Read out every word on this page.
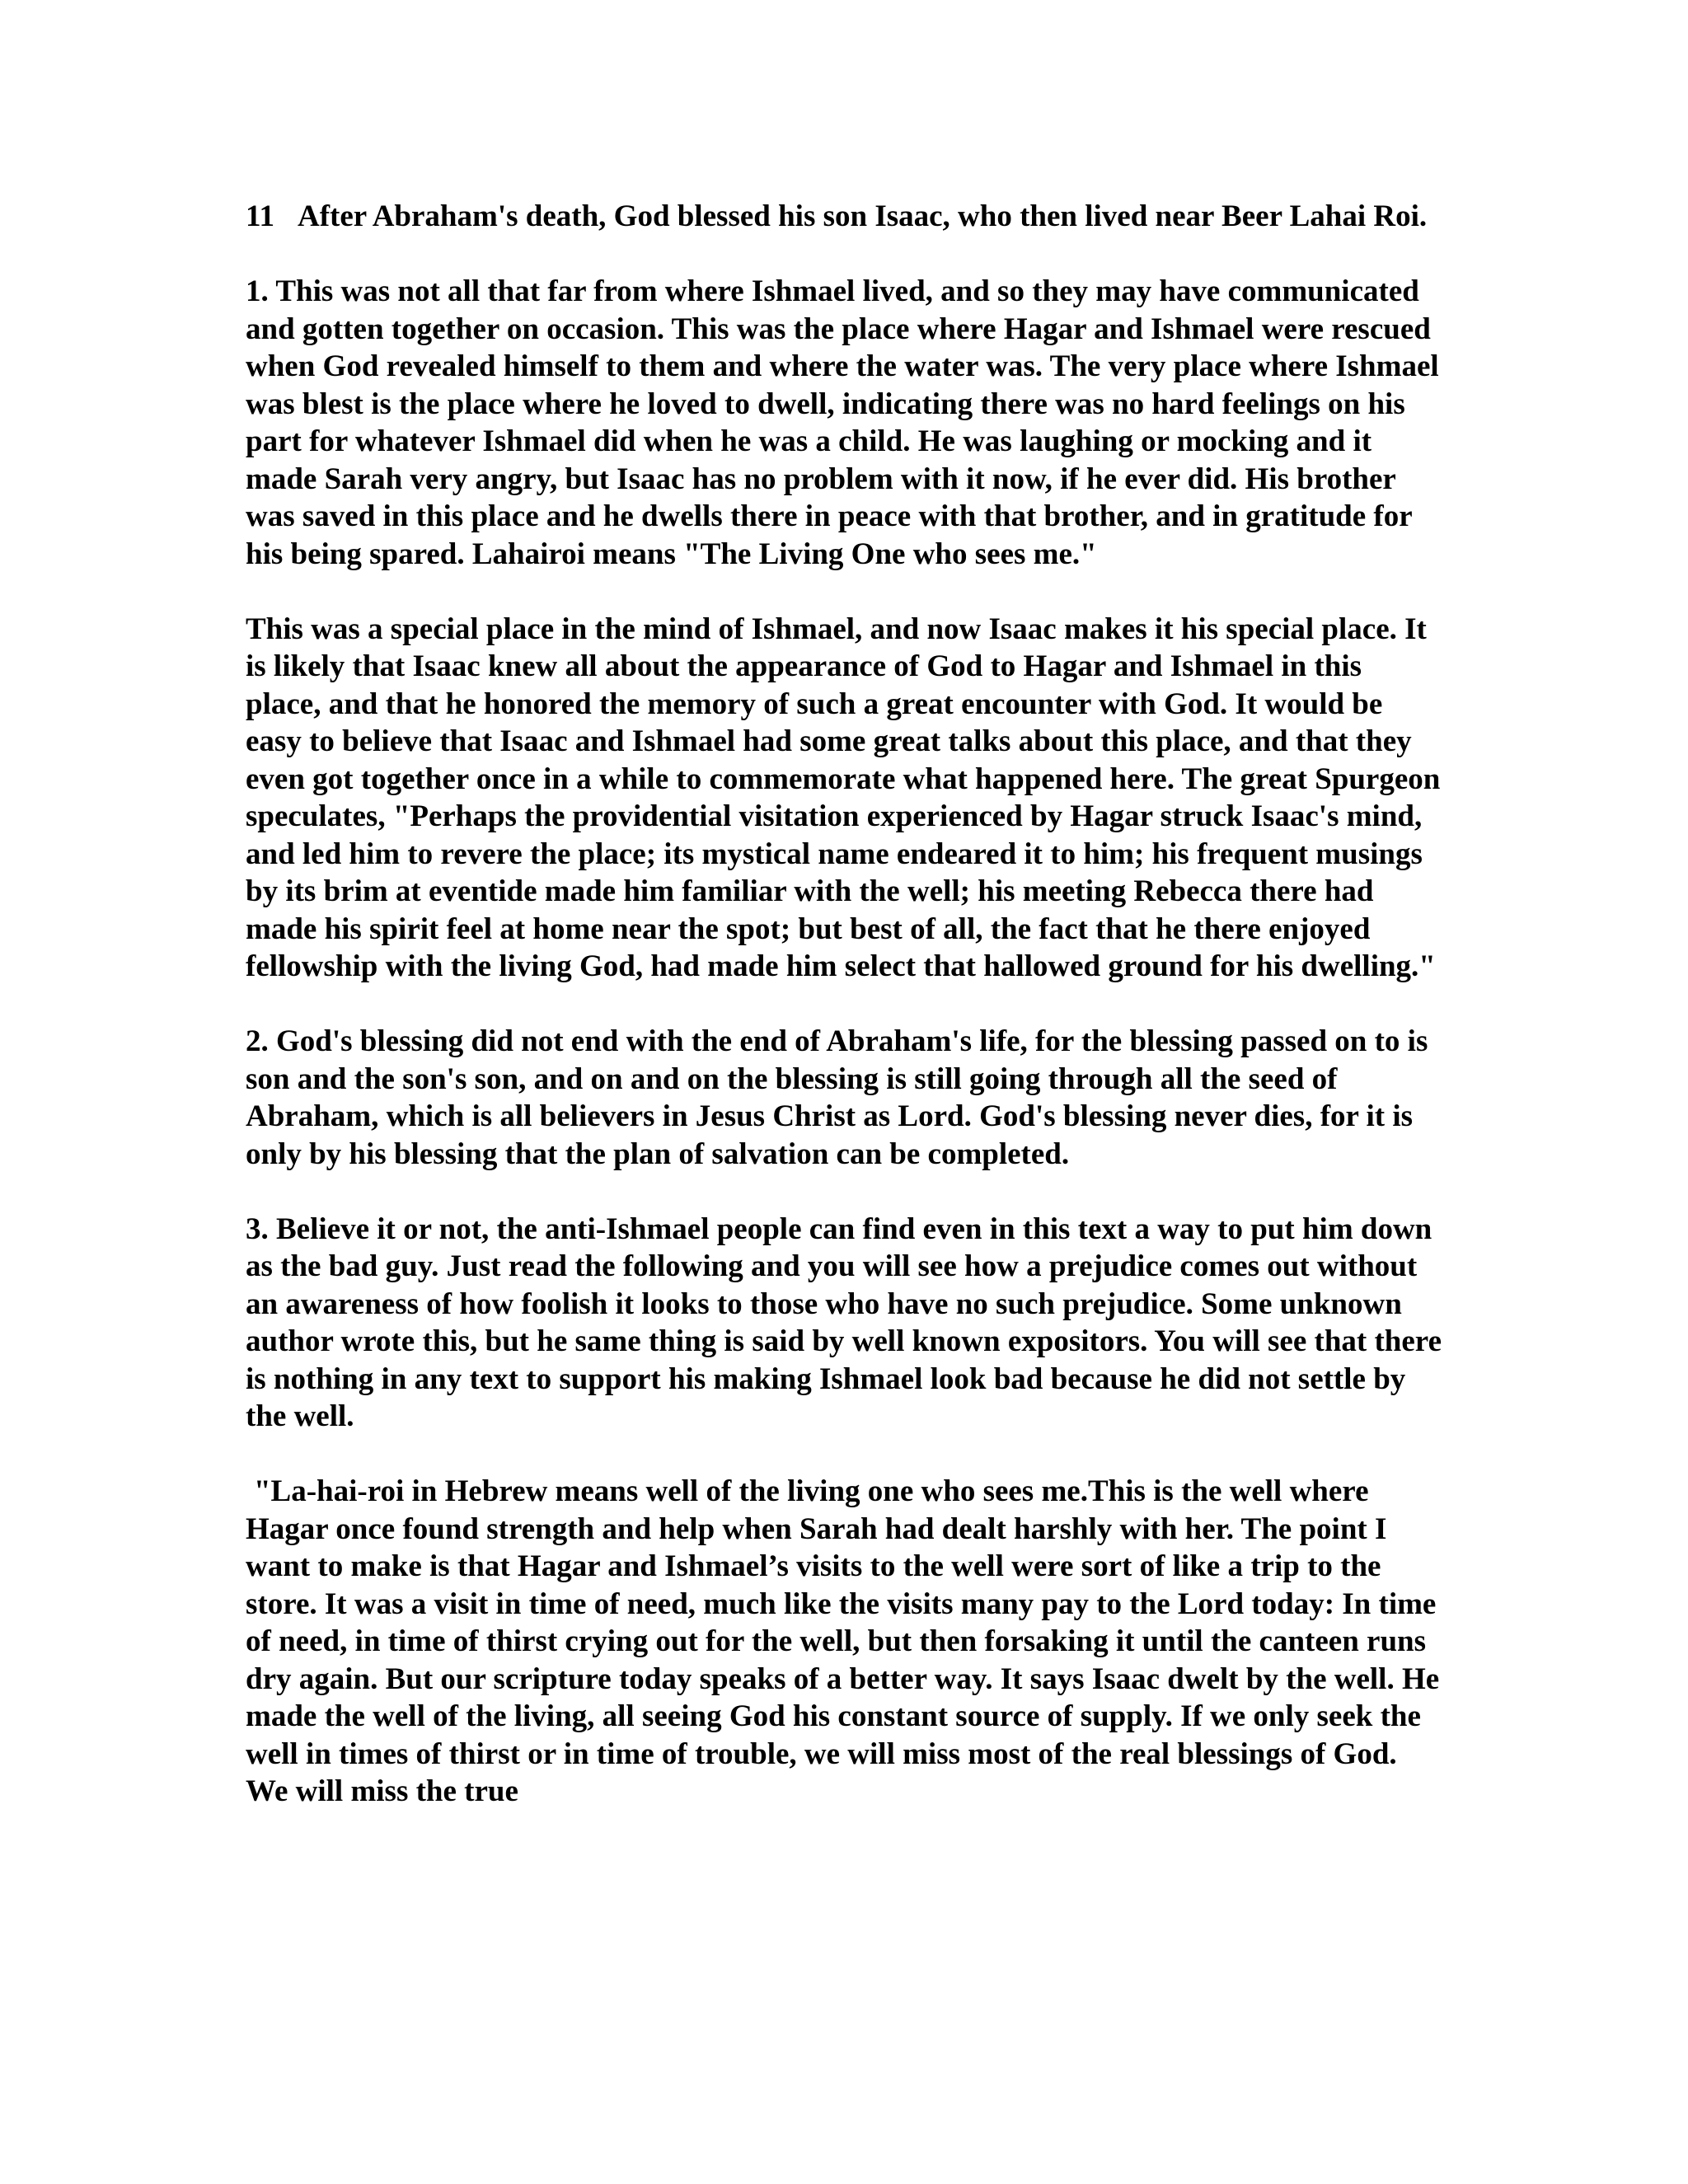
11 After Abraham's death, God blessed his son Isaac, who then lived near Beer Lahai Roi.

1. This was not all that far from where Ishmael lived, and so they may have communicated and gotten together on occasion. This was the place where Hagar and Ishmael were rescued when God revealed himself to them and where the water was. The very place where Ishmael was blest is the place where he loved to dwell, indicating there was no hard feelings on his part for whatever Ishmael did when he was a child. He was laughing or mocking and it made Sarah very angry, but Isaac has no problem with it now, if he ever did. His brother was saved in this place and he dwells there in peace with that brother, and in gratitude for his being spared. Lahairoi means "The Living One who sees me."

This was a special place in the mind of Ishmael, and now Isaac makes it his special place. It is likely that Isaac knew all about the appearance of God to Hagar and Ishmael in this place, and that he honored the memory of such a great encounter with God. It would be easy to believe that Isaac and Ishmael had some great talks about this place, and that they even got together once in a while to commemorate what happened here. The great Spurgeon speculates, "Perhaps the providential visitation experienced by Hagar struck Isaac's mind, and led him to revere the place; its mystical name endeared it to him; his frequent musings by its brim at eventide made him familiar with the well; his meeting Rebecca there had made his spirit feel at home near the spot; but best of all, the fact that he there enjoyed fellowship with the living God, had made him select that hallowed ground for his dwelling."

2. God's blessing did not end with the end of Abraham's life, for the blessing passed on to is son and the son's son, and on and on the blessing is still going through all the seed of Abraham, which is all believers in Jesus Christ as Lord. God's blessing never dies, for it is only by his blessing that the plan of salvation can be completed.

3. Believe it or not, the anti-Ishmael people can find even in this text a way to put him down as the bad guy. Just read the following and you will see how a prejudice comes out without an awareness of how foolish it looks to those who have no such prejudice. Some unknown author wrote this, but he same thing is said by well known expositors. You will see that there is nothing in any text to support his making Ishmael look bad because he did not settle by the well.

"La-hai-roi in Hebrew means well of the living one who sees me.This is the well where Hagar once found strength and help when Sarah had dealt harshly with her. The point I want to make is that Hagar and Ishmael’s visits to the well were sort of like a trip to the store. It was a visit in time of need, much like the visits many pay to the Lord today: In time of need, in time of thirst crying out for the well, but then forsaking it until the canteen runs dry again. But our scripture today speaks of a better way. It says Isaac dwelt by the well. He made the well of the living, all seeing God his constant source of supply. If we only seek the well in times of thirst or in time of trouble, we will miss most of the real blessings of God. We will miss the true
